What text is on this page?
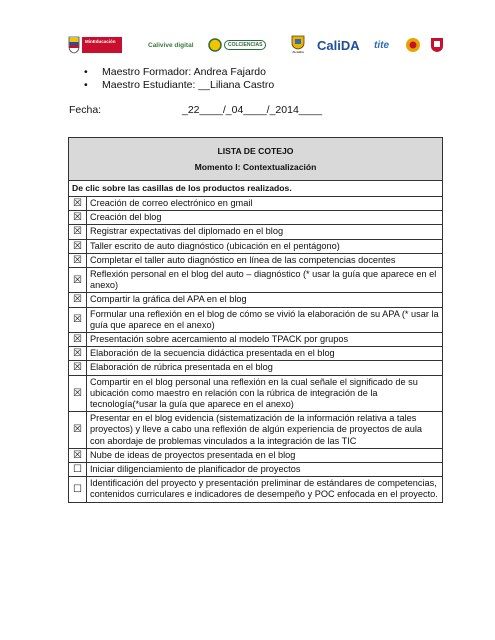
MinEducación	Calivive digital	COLCIENCIAS
Alcaldía CaliDA tite
• Maestro Formador: Andrea Fajardo
• Maestro Estudiante: __Liliana Castro
Fecha:	_22____/_04____/_2014____
LISTA DE COTEJO
Momento I: Contextualización	

De clic sobre las casillas de los productos realizados.	
☒	Creación de correo electrónico en gmail
☒	Creación del blog
☒	Registrar expectativas del diplomado en el blog
☒	Taller escrito de auto diagnóstico (ubicación en el pentágono)
☒	Completar el taller auto diagnóstico en línea de las competencias docentes
☒	Reflexión personal en el blog del auto – diagnóstico (* usar la guía que aparece en el anexo)
☒	Compartir la gráfica del APA en el blog
☒	Formular una reflexión en el blog de cómo se vivió la elaboración de su APA (* usar la guía que aparece en el anexo)
☒	Presentación sobre acercamiento al modelo TPACK por grupos
☒	Elaboración de la secuencia didáctica presentada en el blog
☒	Elaboración de rúbrica presentada en el blog
☒	Compartir en el blog personal una reflexión en la cual señale el significado de su ubicación como maestro en relación con la rúbrica de integración de la tecnología(*usar la guía que aparece en el anexo)
☒	Presentar en el blog evidencia (sistematización de la información relativa a tales proyectos) y lleve a cabo una reflexión de algún experiencia de proyectos de aula con abordaje de problemas vinculados a la integración de las TIC
☒	Nube de ideas de proyectos presentada en el blog
☐	Iniciar diligenciamiento de planificador de proyectos
☐	Identificación del proyecto y presentación preliminar de estándares de competencias, contenidos curriculares e indicadores de desempeño y POC enfocada en el proyecto.
